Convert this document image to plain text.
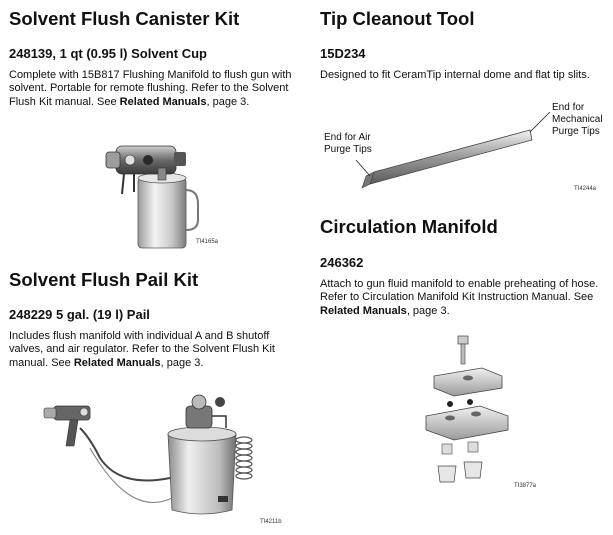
Solvent Flush Canister Kit

248139, 1 qt (0.95 l) Solvent Cup

Complete with 15B817 Flushing Manifold to flush gun with solvent. Portable for remote flushing. Refer to the Solvent Flush Kit manual. See Related Manuals, page 3.

TI4165a
Solvent Flush Pail Kit

248229 5 gal. (19 l) Pail

Includes flush manifold with individual A and B shutoff valves, and air regulator. Refer to the Solvent Flush Kit manual. See Related Manuals, page 3.

TI4211b
Tip Cleanout Tool

15D234

Designed to fit CeramTip internal dome and flat tip slits.

End for Air
Purge Tips
End for
Mechanical
Purge Tips
TI4244a
Circulation Manifold

246362

Attach to gun fluid manifold to enable preheating of hose. Refer to Circulation Manifold Kit Instruction Manual. See Related Manuals, page 3.

TI3877a
